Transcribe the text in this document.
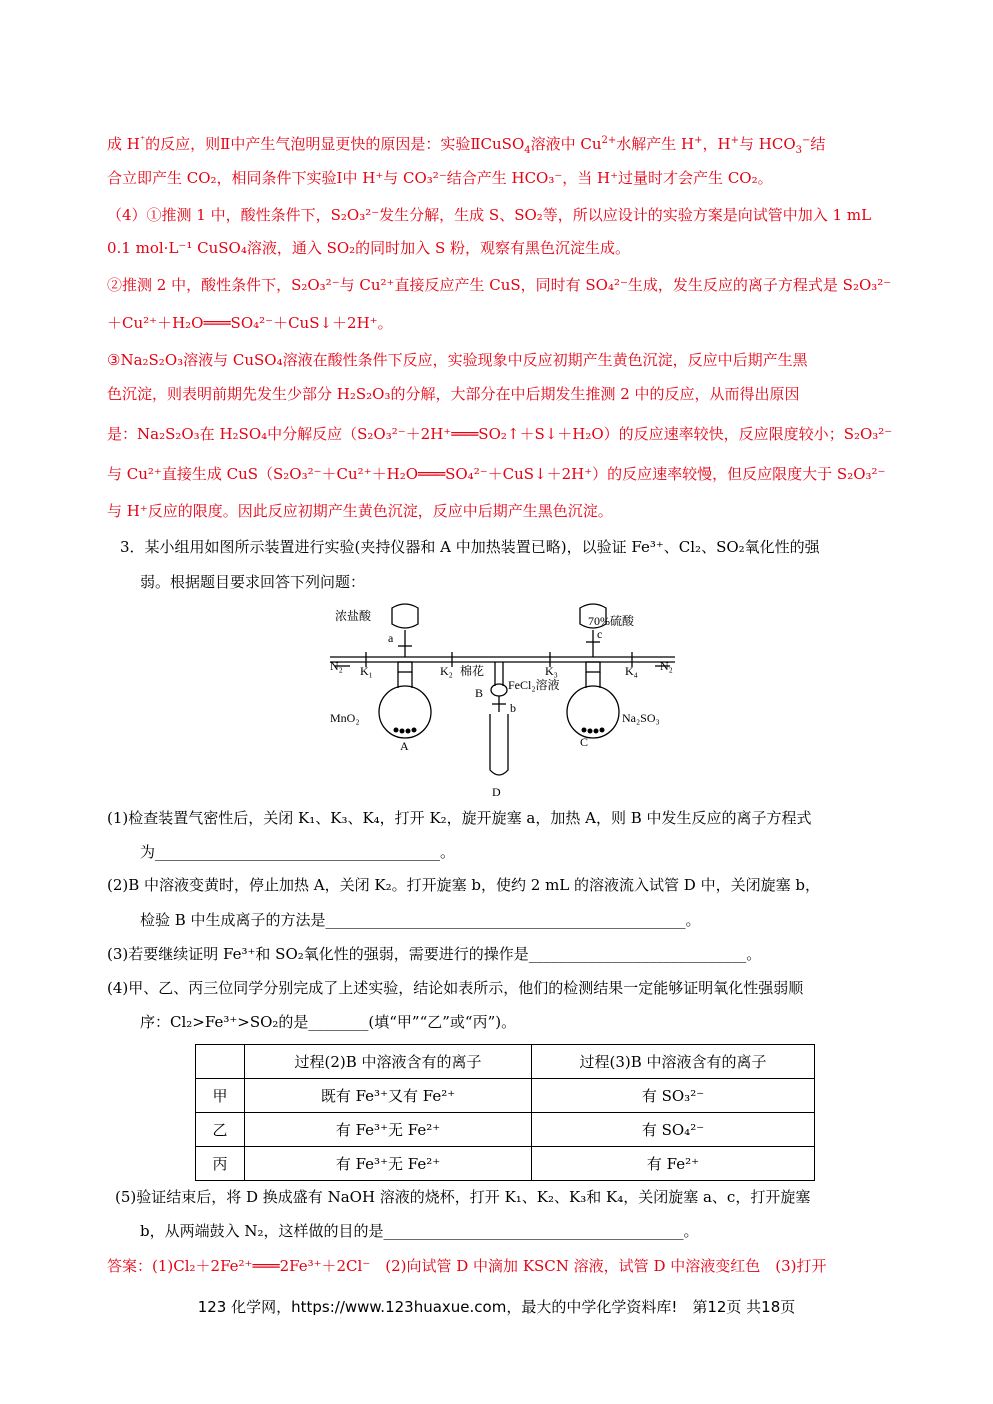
成 H⁺的反应，则Ⅱ中产生气泡明显更快的原因是：实验ⅡCuSO$_4$溶液中 $Cu^{2+}$水解产生 H+，H+与 $HCO_3^-$结
合立即产生 CO₂，相同条件下实验Ⅰ中 H⁺与 CO₃²⁻结合产生 HCO₃⁻，当 H⁺过量时才会产生 CO₂。
（4）①推测 1 中，酸性条件下，S₂O₃²⁻发生分解，生成 S、SO₂等，所以应设计的实验方案是向试管中加入 1 mL
0.1 mol·L⁻¹ CuSO₄溶液，通入 SO₂的同时加入 S 粉，观察有黑色沉淀生成。
②推测 2 中，酸性条件下，S₂O₃²⁻与 Cu²⁺直接反应产生 CuS，同时有 SO₄²⁻生成，发生反应的离子方程式是 S₂O₃²⁻
＋Cu²⁺＋H₂O═══SO₄²⁻＋CuS↓＋2H⁺。
③Na₂S₂O₃溶液与 CuSO₄溶液在酸性条件下反应，实验现象中反应初期产生黄色沉淀，反应中后期产生黑
色沉淀，则表明前期先发生少部分 H₂S₂O₃的分解，大部分在中后期发生推测 2 中的反应，从而得出原因
是：Na₂S₂O₃在 H₂SO₄中分解反应（S₂O₃²⁻＋2H⁺═══SO₂↑＋S↓＋H₂O）的反应速率较快，反应限度较小；S₂O₃²⁻
与 Cu²⁺直接生成 CuS（S₂O₃²⁻＋Cu²⁺＋H₂O═══SO₄²⁻＋CuS↓＋2H⁺）的反应速率较慢，但反应限度大于 S₂O₃²⁻
与 H⁺反应的限度。因此反应初期产生黄色沉淀，反应中后期产生黑色沉淀。
3．某小组用如图所示装置进行实验(夹持仪器和 A 中加热装置已略)，以验证 Fe³⁺、Cl₂、SO₂氧化性的强
弱。根据题目要求回答下列问题：
浓盐酸	70%硫酸
a	c
N₂	N₂
K₁	K₂	K₃	K₄
棉花
B
FeCl₂溶液
b
MnO₂	Na₂SO₃
A	C
D
(1)检查装置气密性后，关闭 K₁、K₃、K₄，打开 K₂，旋开旋塞 a，加热 A，则 B 中发生反应的离子方程式
为______________________________________。
(2)B 中溶液变黄时，停止加热 A，关闭 K₂。打开旋塞 b，使约 2 mL 的溶液流入试管 D 中，关闭旋塞 b，
检验 B 中生成离子的方法是________________________________________________。
(3)若要继续证明 Fe³⁺和 SO₂氧化性的强弱，需要进行的操作是_____________________________。
(4)甲、乙、丙三位同学分别完成了上述实验，结论如表所示，他们的检测结果一定能够证明氧化性强弱顺
序：Cl₂>Fe³⁺>SO₂的是________(填“甲”“乙”或“丙”)。
	过程(2)B 中溶液含有的离子	过程(3)B 中溶液含有的离子
甲	既有 Fe³⁺又有 Fe²⁺	有 SO₃²⁻
乙	有 Fe³⁺无 Fe²⁺	有 SO₄²⁻
丙	有 Fe³⁺无 Fe²⁺	有 Fe²⁺
(5)验证结束后，将 D 换成盛有 NaOH 溶液的烧杯，打开 K₁、K₂、K₃和 K₄，关闭旋塞 a、c，打开旋塞
b，从两端鼓入 N₂，这样做的目的是________________________________________。
答案：(1)Cl₂＋2Fe²⁺═══2Fe³⁺＋2Cl⁻　(2)向试管 D 中滴加 KSCN 溶液，试管 D 中溶液变红色　(3)打开
123 化学网，https://www.123huaxue.com，最大的中学化学资料库!　第12页 共18页
